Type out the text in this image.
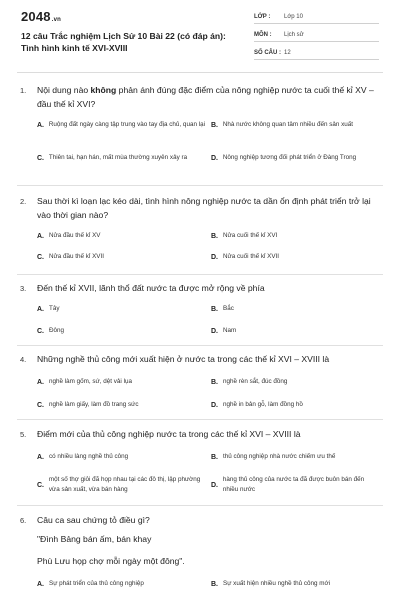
2048.vn
12 câu Trắc nghiệm Lịch Sử 10 Bài 22 (có đáp án): Tình hình kinh tế XVI-XVIII
LỚP :	Lớp 10
MÔN :	Lịch sử
SỐ CÂU : 12
1. Nội dung nào không phản ánh đúng đặc điểm của nông nghiệp nước ta cuối thế kỉ XV – đầu thế kỉ XVI?
A. Ruộng đất ngày càng tập trung vào tay địa chủ, quan lại B. Nhà nước không quan tâm nhiều đến sản xuất
C. Thiên tai, hạn hán, mất mùa thường xuyên xảy ra	D. Nông nghiệp tương đối phát triển ở Đàng Trong
2. Sau thời kì loạn lạc kéo dài, tình hình nông nghiệp nước ta dần ổn định phát triển trở lại vào thời gian nào?
A. Nửa đầu thế kỉ XV	B. Nửa cuối thế kỉ XVI
C. Nửa đầu thế kỉ XVII	D. Nửa cuối thế kỉ XVII
3. Đến thế kỉ XVII, lãnh thổ đất nước ta được mở rộng về phía
A. Tây	B. Bắc
C. Đông	D. Nam
4. Những nghề thủ công mới xuất hiện ở nước ta trong các thế kỉ XVI – XVIII là
A. nghề làm gốm, sứ, dệt vải lụa	B. nghề rèn sắt, đúc đồng
C. nghề làm giấy, làm đồ trang sức	D. nghề in bản gỗ, làm đồng hồ
5. Điểm mới của thủ công nghiệp nước ta trong các thế kỉ XVI – XVIII là
A. có nhiều làng nghề thủ công	B. thủ công nghiệp nhà nước chiếm ưu thế
C.
một số thợ giỏi đã họp nhau tại các đô thị, lập phường vừa sản xuất, vừa bán hàng
D.
hàng thủ công của nước ta đã được buôn bán đến nhiều nước
6. Câu ca sau chứng tỏ điều gì?
"Đình Bảng bán ấm, bán khay
Phù Lưu họp chợ mỗi ngày một đông".
A. Sự phát triển của thủ công nghiệp	B. Sự xuất hiện nhiều nghề thủ công mới
